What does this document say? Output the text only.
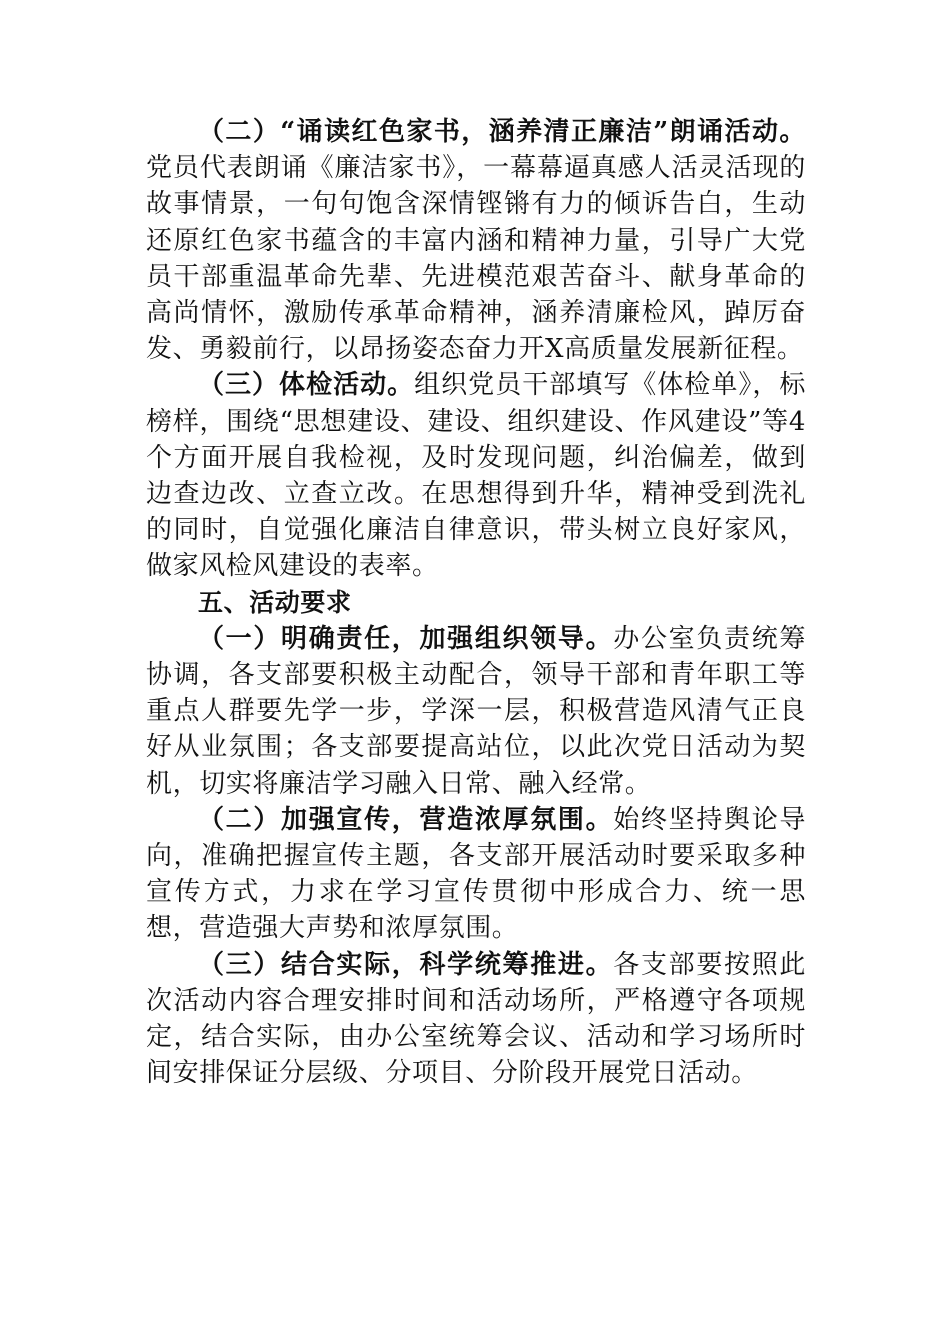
（二）“诵读红色家书，涵养清正廉洁”朗诵活动。党员代表朗诵《廉洁家书》，一幕幕逼真感人活灵活现的故事情景，一句句饱含深情铿锵有力的倾诉告白，生动还原红色家书蕴含的丰富内涵和精神力量，引导广大党员干部重温革命先辈、先进模范艰苦奋斗、献身革命的高尚情怀，激励传承革命精神，涵养清廉检风，踔厉奋发、勇毅前行，以昂扬姿态奋力开X高质量发展新征程。

（三）体检活动。组织党员干部填写《体检单》，标榜样，围绕“思想建设、建设、组织建设、作风建设”等4个方面开展自我检视，及时发现问题，纠治偏差，做到边查边改、立查立改。在思想得到升华，精神受到洗礼的同时，自觉强化廉洁自律意识，带头树立良好家风，做家风检风建设的表率。

五、活动要求

（一）明确责任，加强组织领导。办公室负责统筹协调，各支部要积极主动配合，领导干部和青年职工等重点人群要先学一步，学深一层，积极营造风清气正良好从业氛围；各支部要提高站位，以此次党日活动为契机，切实将廉洁学习融入日常、融入经常。

（二）加强宣传，营造浓厚氛围。始终坚持舆论导向，准确把握宣传主题，各支部开展活动时要采取多种宣传方式，力求在学习宣传贯彻中形成合力、统一思想，营造强大声势和浓厚氛围。

（三）结合实际，科学统筹推进。各支部要按照此次活动内容合理安排时间和活动场所，严格遵守各项规定，结合实际，由办公室统筹会议、活动和学习场所时间安排保证分层级、分项目、分阶段开展党日活动。
